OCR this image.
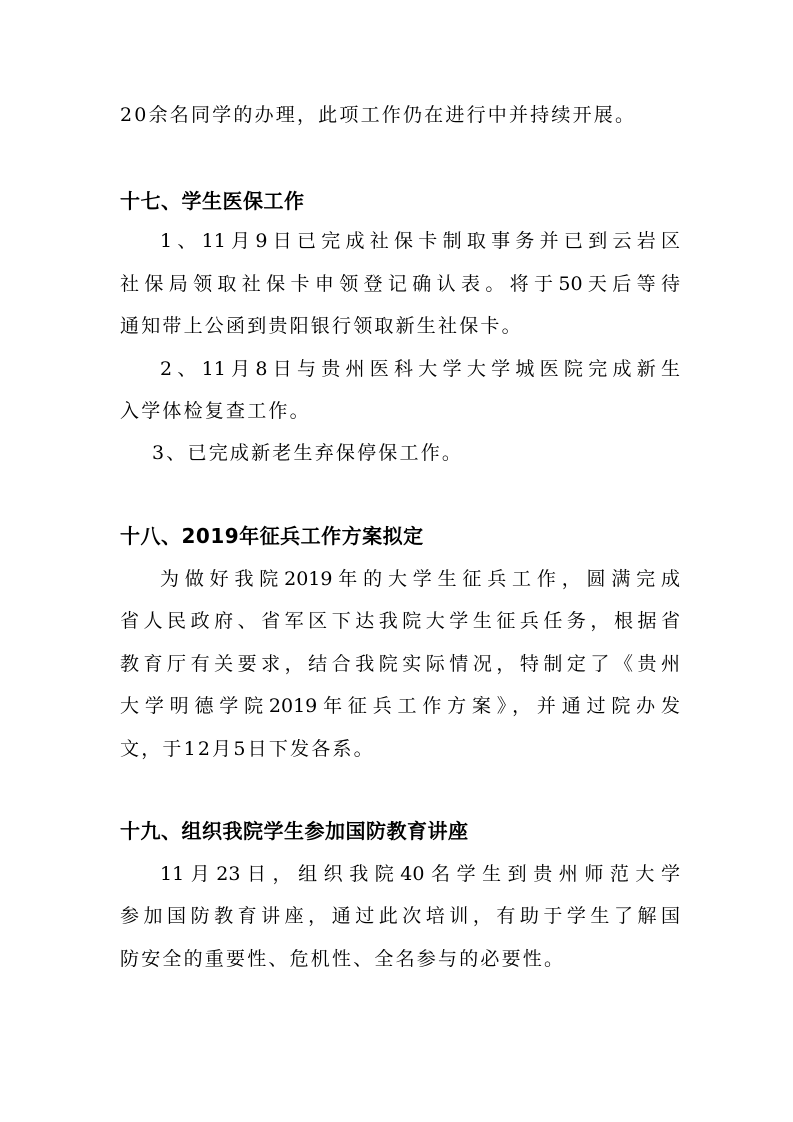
20余名同学的办理，此项工作仍在进行中并持续开展。
十七、学生医保工作
1、11月9日已完成社保卡制取事务并已到云岩区
社保局领取社保卡申领登记确认表。将于50天后等待
通知带上公函到贵阳银行领取新生社保卡。
2、11月8日与贵州医科大学大学城医院完成新生
入学体检复查工作。
3、已完成新老生弃保停保工作。
十八、2019年征兵工作方案拟定
为做好我院2019年的大学生征兵工作，圆满完成
省人民政府、省军区下达我院大学生征兵任务，根据省
教育厅有关要求，结合我院实际情况，特制定了《贵州
大学明德学院2019年征兵工作方案》，并通过院办发
文，于12月5日下发各系。
十九、组织我院学生参加国防教育讲座
11月23日，组织我院40名学生到贵州师范大学
参加国防教育讲座，通过此次培训，有助于学生了解国
防安全的重要性、危机性、全名参与的必要性。
